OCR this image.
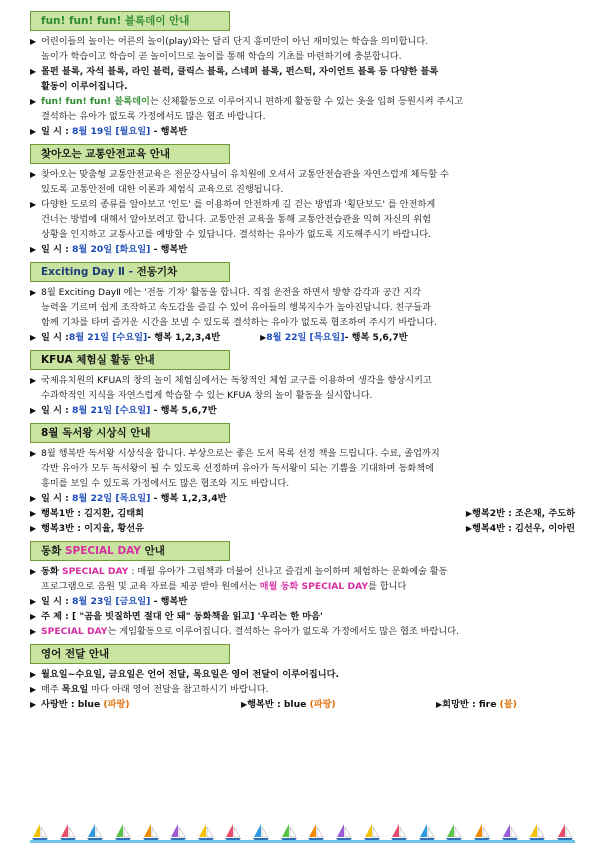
fun! fun! fun! 블록데이 안내
▶ 어린이들의 놀이는 어른의 놀이(play)와는 달리 단지 흥미만이 아닌 재미있는 학습을 의미합니다.
놀이가 학습이고 학습이 곧 놀이이므로 놀이를 통해 학습의 기초를 마련하기에 충분합니다.
▶ 몰펀 블록, 자석 블록, 라인 블럭, 클릭스 블록, 스네퍼 블록, 펀스턱, 자이언트 블록 등 다양한 블록
활동이 이루어집니다.
▶ fun! fun! fun! 블록데이는 신체활동으로 이루어지니 편하게 활동할 수 있는 옷을 입혀 등원시켜 주시고
결석하는 유아가 없도록 가정에서도 많은 협조 바랍니다.
▶ 일 시 : 8월 19일 [월요일] - 행복반
찾아오는 교통안전교육 안내
▶ 찾아오는 맞춤형 교통안전교육은 전문강사님이 유치원에 오셔서 교통안전습관을 자연스럽게 체득할 수
있도록 교통안전에 대한 이론과 체험식 교육으로 진행됩니다.
▶ 다양한 도로의 종류를 알아보고 '인도' 를 이용하여 안전하게 길 걷는 방법과 '횡단보도' 를 안전하게
건너는 방법에 대해서 알아보려고 합니다. 교통안전 교육을 통해 교통안전습관을 익혀 자신의 위험
상황을 인지하고 교통사고를 예방할 수 있답니다. 결석하는 유아가 없도록 지도해주시기 바랍니다.
▶ 일 시 : 8월 20일 [화요일] - 행복반
Exciting Day Ⅱ - 전동기차
▶ 8월 Exciting DayⅡ 에는 '전동 기차' 활동을 합니다. 직접 운전을 하면서 방향 감각과 공간 지각
능력을 기르며 쉽게 조작하고 속도감을 즐길 수 있어 유아들의 행복지수가 높아진답니다. 친구들과
함께 기차를 타며 즐거운 시간을 보낼 수 있도록 결석하는 유아가 없도록 협조하여 주시기 바랍니다.
▶ 일 시 : 8월 21일 [수요일] - 행복 1,2,3,4반	▶ 8월 22일 [목요일] - 행복 5,6,7반
KFUA 체험실 활동 안내
▶ 국제유치원의 KFUA의 창의 놀이 체험실에서는 독창적인 체험 교구를 이용하여 생각을 향상시키고
수과학적인 지식을 자연스럽게 학습할 수 있는 KFUA 창의 놀이 활동을 실시합니다.
▶ 일 시 : 8월 21일 [수요일] - 행복 5,6,7반
8월 독서왕 시상식 안내
▶ 8월 행복반 독서왕 시상식을 합니다. 부상으로는 좋은 도서 목록 선정 책을 드립니다. 수료, 졸업까지
각반 유아가 모두 독서왕이 될 수 있도록 선정하며 유아가 독서왕이 되는 기쁨을 기대하며 동화책에
흥미를 보일 수 있도록 가정에서도 많은 협조와 지도 바랍니다.
▶ 일 시 : 8월 22일 [목요일] - 행복 1,2,3,4반
▶ 행복1반 : 김지환, 김태희	▶행복2반 : 조은채, 주도하
▶ 행복3반 : 이지율, 황선유	▶행복4반 : 김선우, 이아린
동화 SPECIAL DAY 안내
▶ 동화 SPECIAL DAY : 매월 유아가 그림책과 더불어 신나고 즐겁게 놀이하며 체험하는 문화예술 활동
프로그램으로 음원 및 교육 자료를 제공 받아 원에서는 매월 동화 SPECIAL DAY를 합니다
▶ 일 시 : 8월 23일 [금요일] - 행복반
▶ 주 제 : [ "곰을 빗질하면 절대 안 돼" 동화책을 읽고] '우리는 한 마음'
▶ SPECIAL DAY는 게임활동으로 이루어집니다. 결석하는 유아가 없도록 가정에서도 많은 협조 바랍니다.
영어 전달 안내
▶ 월요일~수요일, 금요일은 언어 전달, 목요일은 영어 전달이 이루어집니다.
▶ 매주 목요일 마다 아래 영어 전달을 참고하시기 바랍니다.
▶ 사랑반 : blue (파랑)	▶행복반 : blue (파랑)	▶희망반 : fire (불)
